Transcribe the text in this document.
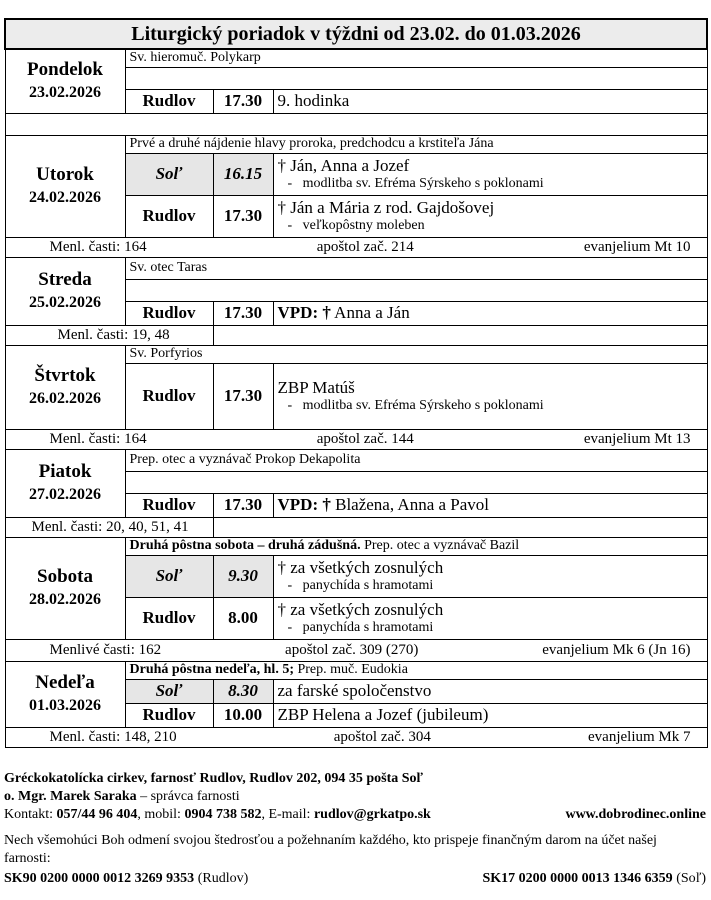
Liturgický poriadok v týždni od 23.02. do 01.03.2026			

Pondelok
23.02.2026	Sv. hieromuč. Polykarp		

	Rudlov	17.30	9. hodinka

Utorok
24.02.2026	Prvé a druhé nájdenie hlavy proroka, predchodcu a krstiteľa Jána		
	Soľ	16.15	† Ján, Anna a Jozef
-   modlitba sv. Efréma Sýrskeho s poklonami

	Rudlov	17.30	† Ján a Mária z rod. Gajdošovej
-   veľkopôstny moleben

Menl. časti: 164 apoštol zač. 214 evanjelium Mt 10			

Streda
25.02.2026	Sv. otec Taras		

	Rudlov	17.30	VPD: † Anna a Ján
Menl. časti: 19, 48			

Štvrtok
26.02.2026	Sv. Porfyrios		
	Rudlov	17.30	ZBP Matúš
-   modlitba sv. Efréma Sýrskeho s poklonami

Menl. časti: 164 apoštol zač. 144 evanjelium Mt 13			

Piatok
27.02.2026	Prep. otec a vyznávač Prokop Dekapolita		

	Rudlov	17.30	VPD: † Blažena, Anna a Pavol
Menl. časti: 20, 40, 51, 41			

Sobota
28.02.2026	Druhá pôstna sobota – druhá zádušná. Prep. otec a vyznávač Bazil		
	Soľ	9.30	† za všetkých zosnulých
-   panychída s hramotami

	Rudlov	8.00	† za všetkých zosnulých
-   panychída s hramotami

Menlivé časti: 162 apoštol zač. 309 (270) evanjelium Mk 6 (Jn 16)			

Nedeľa
01.03.2026	Druhá pôstna nedeľa, hl. 5; Prep. muč. Eudokia		
	Soľ	8.30	za farské spoločenstvo
	Rudlov	10.00	ZBP Helena a Jozef (jubileum)

Menl. časti: 148, 210 apoštol zač. 304 evanjelium Mk 7			
Gréckokatolícka cirkev, farnosť Rudlov, Rudlov 202, 094 35 pošta Soľ
o. Mgr. Marek Saraka – správca farnosti
Kontakt: 057/44 96 404, mobil: 0904 738 582, E-mail: rudlov@grkatpo.sk	www.dobrodinec.online
Nech všemohúci Boh odmení svojou štedrosťou a požehnaním každého, kto prispeje finančným darom na účet našej farnosti:
SK90 0200 0000 0012 3269 9353 (Rudlov)	SK17 0200 0000 0013 1346 6359 (Soľ)
